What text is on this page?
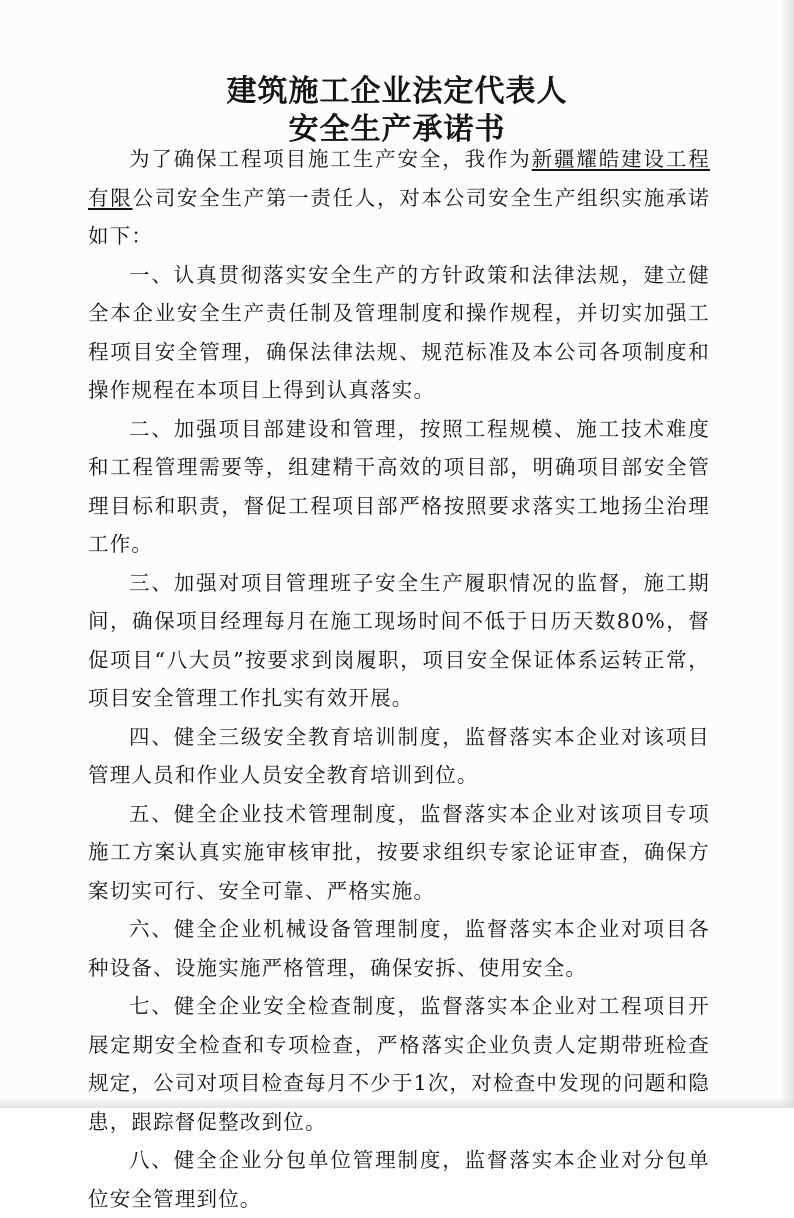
建筑施工企业法定代表人
安全生产承诺书

为了确保工程项目施工生产安全，我作为新疆耀皓建设工程有限公司安全生产第一责任人，对本公司安全生产组织实施承诺如下：

一、认真贯彻落实安全生产的方针政策和法律法规，建立健全本企业安全生产责任制及管理制度和操作规程，并切实加强工程项目安全管理，确保法律法规、规范标准及本公司各项制度和操作规程在本项目上得到认真落实。

二、加强项目部建设和管理，按照工程规模、施工技术难度和工程管理需要等，组建精干高效的项目部，明确项目部安全管理目标和职责，督促工程项目部严格按照要求落实工地扬尘治理工作。

三、加强对项目管理班子安全生产履职情况的监督，施工期间，确保项目经理每月在施工现场时间不低于日历天数80%，督促项目“八大员”按要求到岗履职，项目安全保证体系运转正常，项目安全管理工作扎实有效开展。

四、健全三级安全教育培训制度，监督落实本企业对该项目管理人员和作业人员安全教育培训到位。

五、健全企业技术管理制度，监督落实本企业对该项目专项施工方案认真实施审核审批，按要求组织专家论证审查，确保方案切实可行、安全可靠、严格实施。

六、健全企业机械设备管理制度，监督落实本企业对项目各种设备、设施实施严格管理，确保安拆、使用安全。

七、健全企业安全检查制度，监督落实本企业对工程项目开展定期安全检查和专项检查，严格落实企业负责人定期带班检查规定，公司对项目检查每月不少于1次，对检查中发现的问题和隐患，跟踪督促整改到位。

八、健全企业分包单位管理制度，监督落实本企业对分包单位安全管理到位。
